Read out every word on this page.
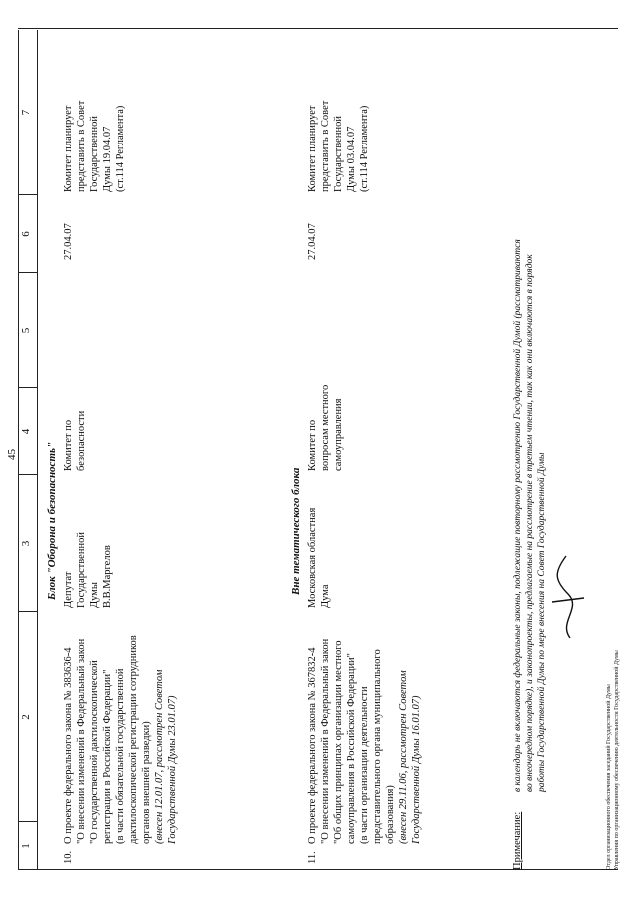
45
1
2
3
4
5
6
7
Блок "Оборона и безопасность"	Вне тематического блока
10.
О проекте федерального закона № 383636-4 "О внесении изменений в Федеральный закон "О государственной дактилоскопической регистрации в Российской Федерации" (в части обязательной государственной дактилоскопической регистрации сотрудников органов внешней разведки) (внесен 12.01.07, рассмотрен Советом Государственной Думы 23.01.07)
Депутат Государственной Думы В.В.Маргелов
Комитет по безопасности
27.04.07
Комитет планирует представить в Совет Государственной Думы 19.04.07 (ст.114 Регламента)
11.
О проекте федерального закона № 367832-4 "О внесении изменений в Федеральный закон "Об общих принципах организации местного самоуправления в Российской Федерации" (в части организации деятельности представительного органа муниципального образования) (внесен 29.11.06, рассмотрен Советом Государственной Думы 16.01.07)
Московская областная Дума
Комитет по вопросам местного самоуправления
27.04.07
Комитет планирует представить в Совет Государственной Думы 03.04.07 (ст.114 Регламента)
Примечание:
в календарь не включаются федеральные законы, подлежащие повторному рассмотрению Государственной Думой (рассматриваются во внеочередном порядке), и законопроекты, предлагаемые на рассмотрение в третьем чтении, так как они включаются в порядок работы Государственной Думы по мере внесения на Совет Государственной Думы	Отдел организационного обеспечения заседаний Государственной Думы Управления по организационному обеспечению деятельности Государственной Думы
